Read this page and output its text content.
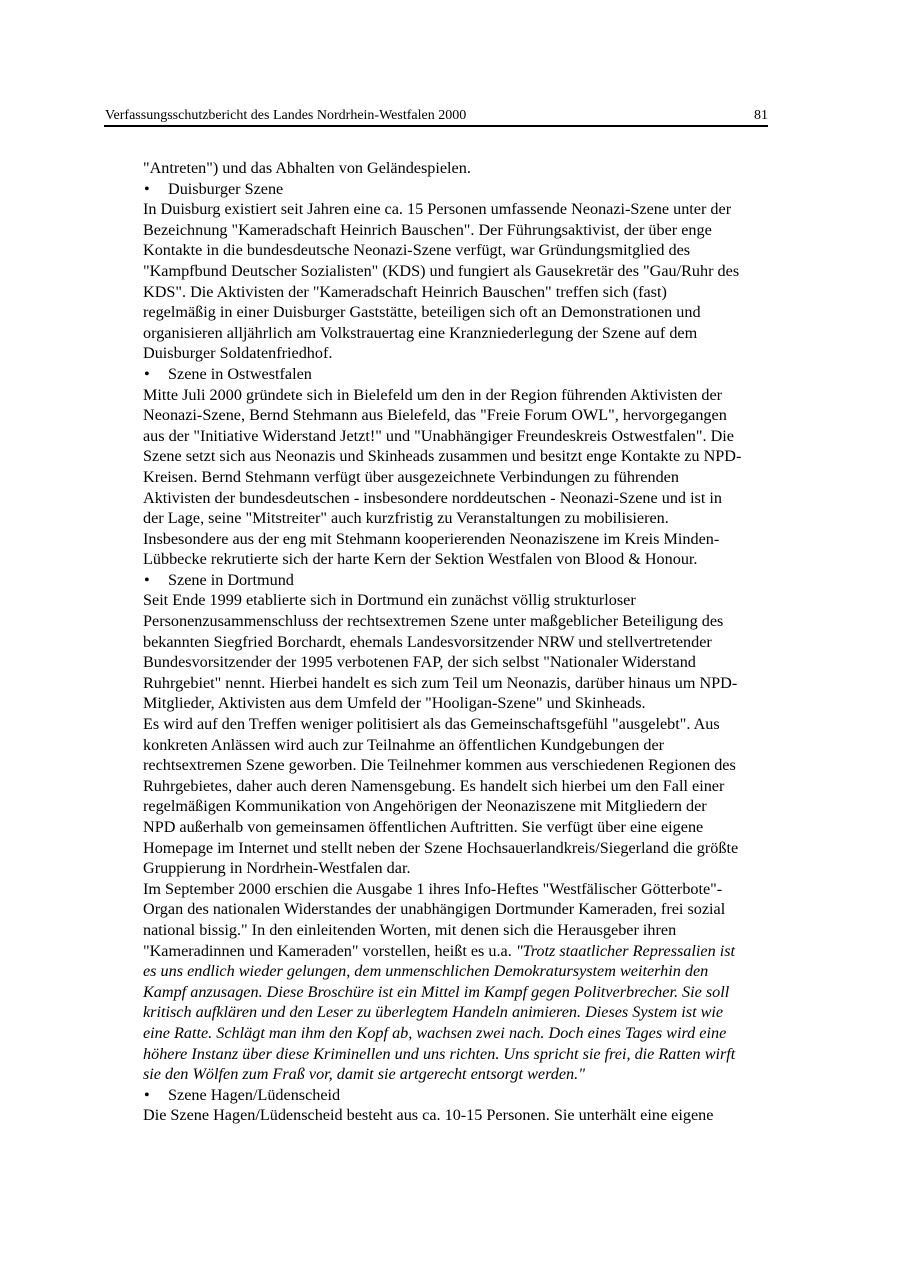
Verfassungsschutzbericht des Landes Nordrhein-Westfalen 2000	81
"Antreten") und das Abhalten von Geländespielen.
• Duisburger Szene
In Duisburg existiert seit Jahren eine ca. 15 Personen umfassende Neonazi-Szene unter der
Bezeichnung "Kameradschaft Heinrich Bauschen". Der Führungsaktivist, der über enge
Kontakte in die bundesdeutsche Neonazi-Szene verfügt, war Gründungsmitglied des
"Kampfbund Deutscher Sozialisten" (KDS) und fungiert als Gausekretär des "Gau/Ruhr des
KDS". Die Aktivisten der "Kameradschaft Heinrich Bauschen" treffen sich (fast)
regelmäßig in einer Duisburger Gaststätte, beteiligen sich oft an Demonstrationen und
organisieren alljährlich am Volkstrauertag eine Kranzniederlegung der Szene auf dem
Duisburger Soldatenfriedhof.
• Szene in Ostwestfalen
Mitte Juli 2000 gründete sich in Bielefeld um den in der Region führenden Aktivisten der
Neonazi-Szene, Bernd Stehmann aus Bielefeld, das "Freie Forum OWL", hervorgegangen
aus der "Initiative Widerstand Jetzt!" und "Unabhängiger Freundeskreis Ostwestfalen". Die
Szene setzt sich aus Neonazis und Skinheads zusammen und besitzt enge Kontakte zu NPD-
Kreisen. Bernd Stehmann verfügt über ausgezeichnete Verbindungen zu führenden
Aktivisten der bundesdeutschen - insbesondere norddeutschen - Neonazi-Szene und ist in
der Lage, seine "Mitstreiter" auch kurzfristig zu Veranstaltungen zu mobilisieren.
Insbesondere aus der eng mit Stehmann kooperierenden Neonaziszene im Kreis Minden-
Lübbecke rekrutierte sich der harte Kern der Sektion Westfalen von Blood & Honour.
• Szene in Dortmund
Seit Ende 1999 etablierte sich in Dortmund ein zunächst völlig strukturloser
Personenzusammenschluss der rechtsextremen Szene unter maßgeblicher Beteiligung des
bekannten Siegfried Borchardt, ehemals Landesvorsitzender NRW und stellvertretender
Bundesvorsitzender der 1995 verbotenen FAP, der sich selbst "Nationaler Widerstand
Ruhrgebiet" nennt. Hierbei handelt es sich zum Teil um Neonazis, darüber hinaus um NPD-
Mitglieder, Aktivisten aus dem Umfeld der "Hooligan-Szene" und Skinheads.
Es wird auf den Treffen weniger politisiert als das Gemeinschaftsgefühl "ausgelebt". Aus
konkreten Anlässen wird auch zur Teilnahme an öffentlichen Kundgebungen der
rechtsextremen Szene geworben. Die Teilnehmer kommen aus verschiedenen Regionen des
Ruhrgebietes, daher auch deren Namensgebung. Es handelt sich hierbei um den Fall einer
regelmäßigen Kommunikation von Angehörigen der Neonaziszene mit Mitgliedern der
NPD außerhalb von gemeinsamen öffentlichen Auftritten. Sie verfügt über eine eigene
Homepage im Internet und stellt neben der Szene Hochsauerlandkreis/Siegerland die größte
Gruppierung in Nordrhein-Westfalen dar.
Im September 2000 erschien die Ausgabe 1 ihres Info-Heftes "Westfälischer Götterbote"-
Organ des nationalen Widerstandes der unabhängigen Dortmunder Kameraden, frei sozial
national bissig." In den einleitenden Worten, mit denen sich die Herausgeber ihren
"Kameradinnen und Kameraden" vorstellen, heißt es u.a. "Trotz staatlicher Repressalien ist
es uns endlich wieder gelungen, dem unmenschlichen Demokratursystem weiterhin den
Kampf anzusagen. Diese Broschüre ist ein Mittel im Kampf gegen Politverbrecher. Sie soll
kritisch aufklären und den Leser zu überlegtem Handeln animieren. Dieses System ist wie
eine Ratte. Schlägt man ihm den Kopf ab, wachsen zwei nach. Doch eines Tages wird eine
höhere Instanz über diese Kriminellen und uns richten. Uns spricht sie frei, die Ratten wirft
sie den Wölfen zum Fraß vor, damit sie artgerecht entsorgt werden."
• Szene Hagen/Lüdenscheid
Die Szene Hagen/Lüdenscheid besteht aus ca. 10-15 Personen. Sie unterhält eine eigene
